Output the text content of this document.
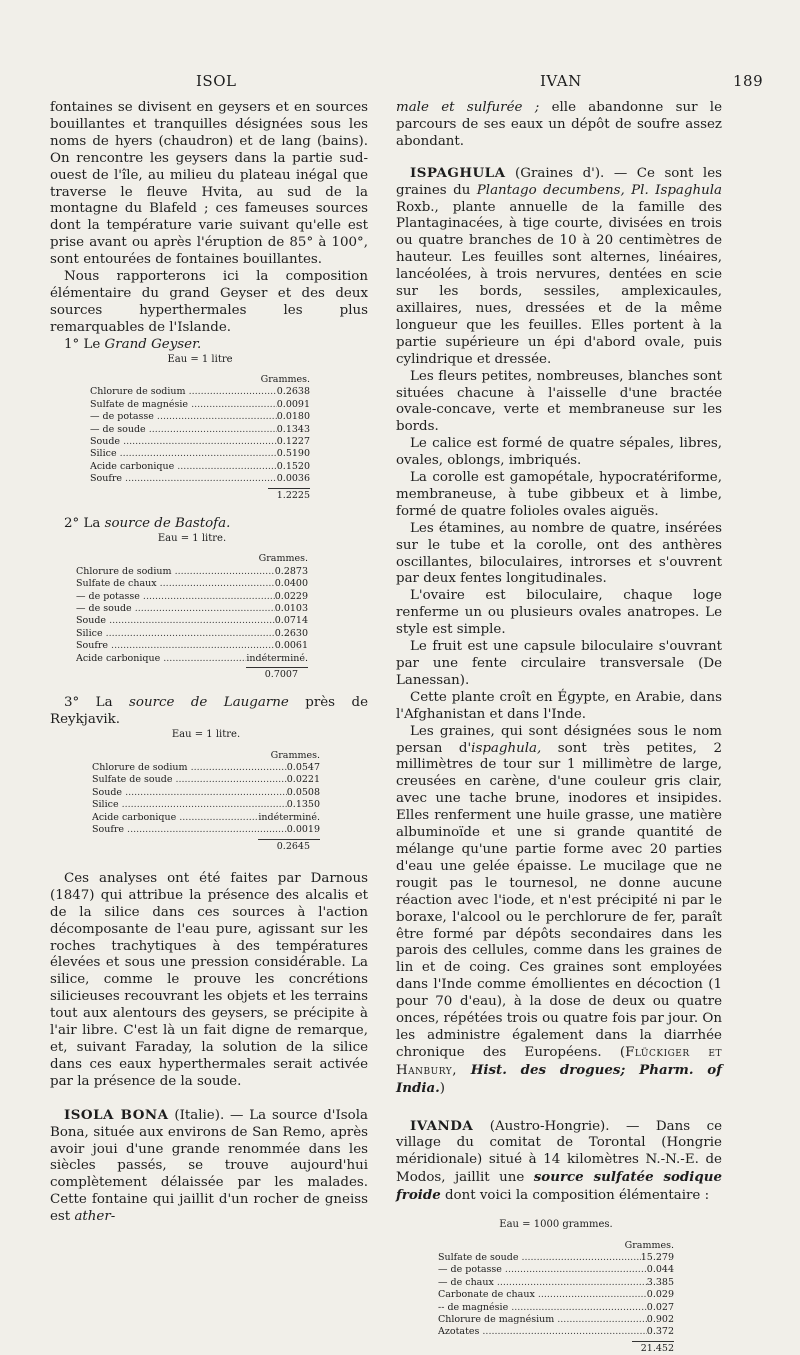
ISOL	IVAN	189

fontaines se divisent en geysers et en sources bouillantes et tranquilles désignées sous les noms de hyers (chaudron) et de lang (bains). On rencontre les geysers dans la partie sud-ouest de l'île, au milieu du plateau inégal que traverse le fleuve Hvita, au sud de la montagne du Blafeld ; ces fameuses sources dont la température varie suivant qu'elle est prise avant ou après l'éruption de 85° à 100°, sont entourées de fontaines bouillantes.

Nous rapporterons ici la composition élémentaire du grand Geyser et des deux sources hyperthermales les plus remarquables de l'Islande.

1° Le Grand Geyser.

Eau = 1 litre
Grammes.
Chlorure de sodium .....	0.2638
Sulfate de magnésie .....	0.0091
— de potasse .....	0.0180
— de soude .....	0.1343
Soude .....	0.1227
Silice .....	0.5190
Acide carbonique .....	0.1520
Soufre .....	0.0036
1.2225

2° La source de Bastofa.

Eau = 1 litre.
Grammes.
Chlorure de sodium .....	0.2873
Sulfate de chaux .....	0.0400
— de potasse .....	0.0229
— de soude .....	0.0103
Soude .....	0.0714
Silice .....	0.2630
Soufre .....	0.0061
Acide carbonique .....	indéterminé.
0.7007

3° La source de Laugarne près de Reykjavik.

Eau = 1 litre.
Grammes.
Chlorure de sodium .....	0.0547
Sulfate de soude .....	0.0221
Soude .....	0.0508
Silice .....	0.1350
Acide carbonique .....	indéterminé.
Soufre .....	0.0019
0.2645

Ces analyses ont été faites par Darnous (1847) qui attribue la présence des alcalis et de la silice dans ces sources à l'action décomposante de l'eau pure, agissant sur les roches trachytiques à des températures élevées et sous une pression considérable. La silice, comme le prouve les concrétions silicieuses recouvrant les objets et les terrains tout aux alentours des geysers, se précipite à l'air libre. C'est là un fait digne de remarque, et, suivant Faraday, la solution de la silice dans ces eaux hyperthermales serait activée par la présence de la soude.

ISOLA BONA (Italie). — La source d'Isola Bona, située aux environs de San Remo, après avoir joui d'une grande renommée dans les siècles passés, se trouve aujourd'hui complètement délaissée par les malades. Cette fontaine qui jaillit d'un rocher de gneiss est ather-

male et sulfurée ; elle abandonne sur le parcours de ses eaux un dépôt de soufre assez abondant.

ISPAGHULA (Graines d'). — Ce sont les graines du Plantago decumbens, Pl. Ispaghula Roxb., plante annuelle de la famille des Plantaginacées, à tige courte, divisées en trois ou quatre branches de 10 à 20 centimètres de hauteur. Les feuilles sont alternes, linéaires, lancéolées, à trois nervures, dentées en scie sur les bords, sessiles, amplexicaules, axillaires, nues, dressées et de la même longueur que les feuilles. Elles portent à la partie supérieure un épi d'abord ovale, puis cylindrique et dressée.

Les fleurs petites, nombreuses, blanches sont situées chacune à l'aisselle d'une bractée ovale-concave, verte et membraneuse sur les bords.

Le calice est formé de quatre sépales, libres, ovales, oblongs, imbriqués.

La corolle est gamopétale, hypocratériforme, membraneuse, à tube gibbeux et à limbe, formé de quatre folioles ovales aiguës.

Les étamines, au nombre de quatre, insérées sur le tube et la corolle, ont des anthères oscillantes, biloculaires, introrses et s'ouvrent par deux fentes longitudinales.

L'ovaire est biloculaire, chaque loge renferme un ou plusieurs ovales anatropes. Le style est simple.

Le fruit est une capsule biloculaire s'ouvrant par une fente circulaire transversale (De Lanessan).

Cette plante croît en Égypte, en Arabie, dans l'Afghanistan et dans l'Inde.

Les graines, qui sont désignées sous le nom persan d'ispaghula, sont très petites, 2 millimètres de tour sur 1 millimètre de large, creusées en carène, d'une couleur gris clair, avec une tache brune, inodores et insipides. Elles renferment une huile grasse, une matière albuminoïde et une si grande quantité de mélange qu'une partie forme avec 20 parties d'eau une gelée épaisse. Le mucilage que ne rougit pas le tournesol, ne donne aucune réaction avec l'iode, et n'est précipité ni par le boraxe, l'alcool ou le perchlorure de fer, paraît être formé par dépôts secondaires dans les parois des cellules, comme dans les graines de lin et de coing. Ces graines sont employées dans l'Inde comme émollientes en décoction (1 pour 70 d'eau), à la dose de deux ou quatre onces, répétées trois ou quatre fois par jour. On les administre également dans la diarrhée chronique des Européens. (Flückiger et Hanbury, Hist. des drogues; Pharm. of India.)

IVANDA (Austro-Hongrie). — Dans ce village du comitat de Torontal (Hongrie méridionale) situé à 14 kilomètres N.-N.-E. de Modos, jaillit une source sulfatée sodique froide dont voici la composition élémentaire :

Eau = 1000 grammes.
Grammes.
Sulfate de soude .....	15.279
— de potasse .....	0.044
— de chaux .....	3.385
Carbonate de chaux .....	0.029
-- de magnésie .....	0.027
Chlorure de magnésium .....	0.902
Azotates .....	0.372
21.452
